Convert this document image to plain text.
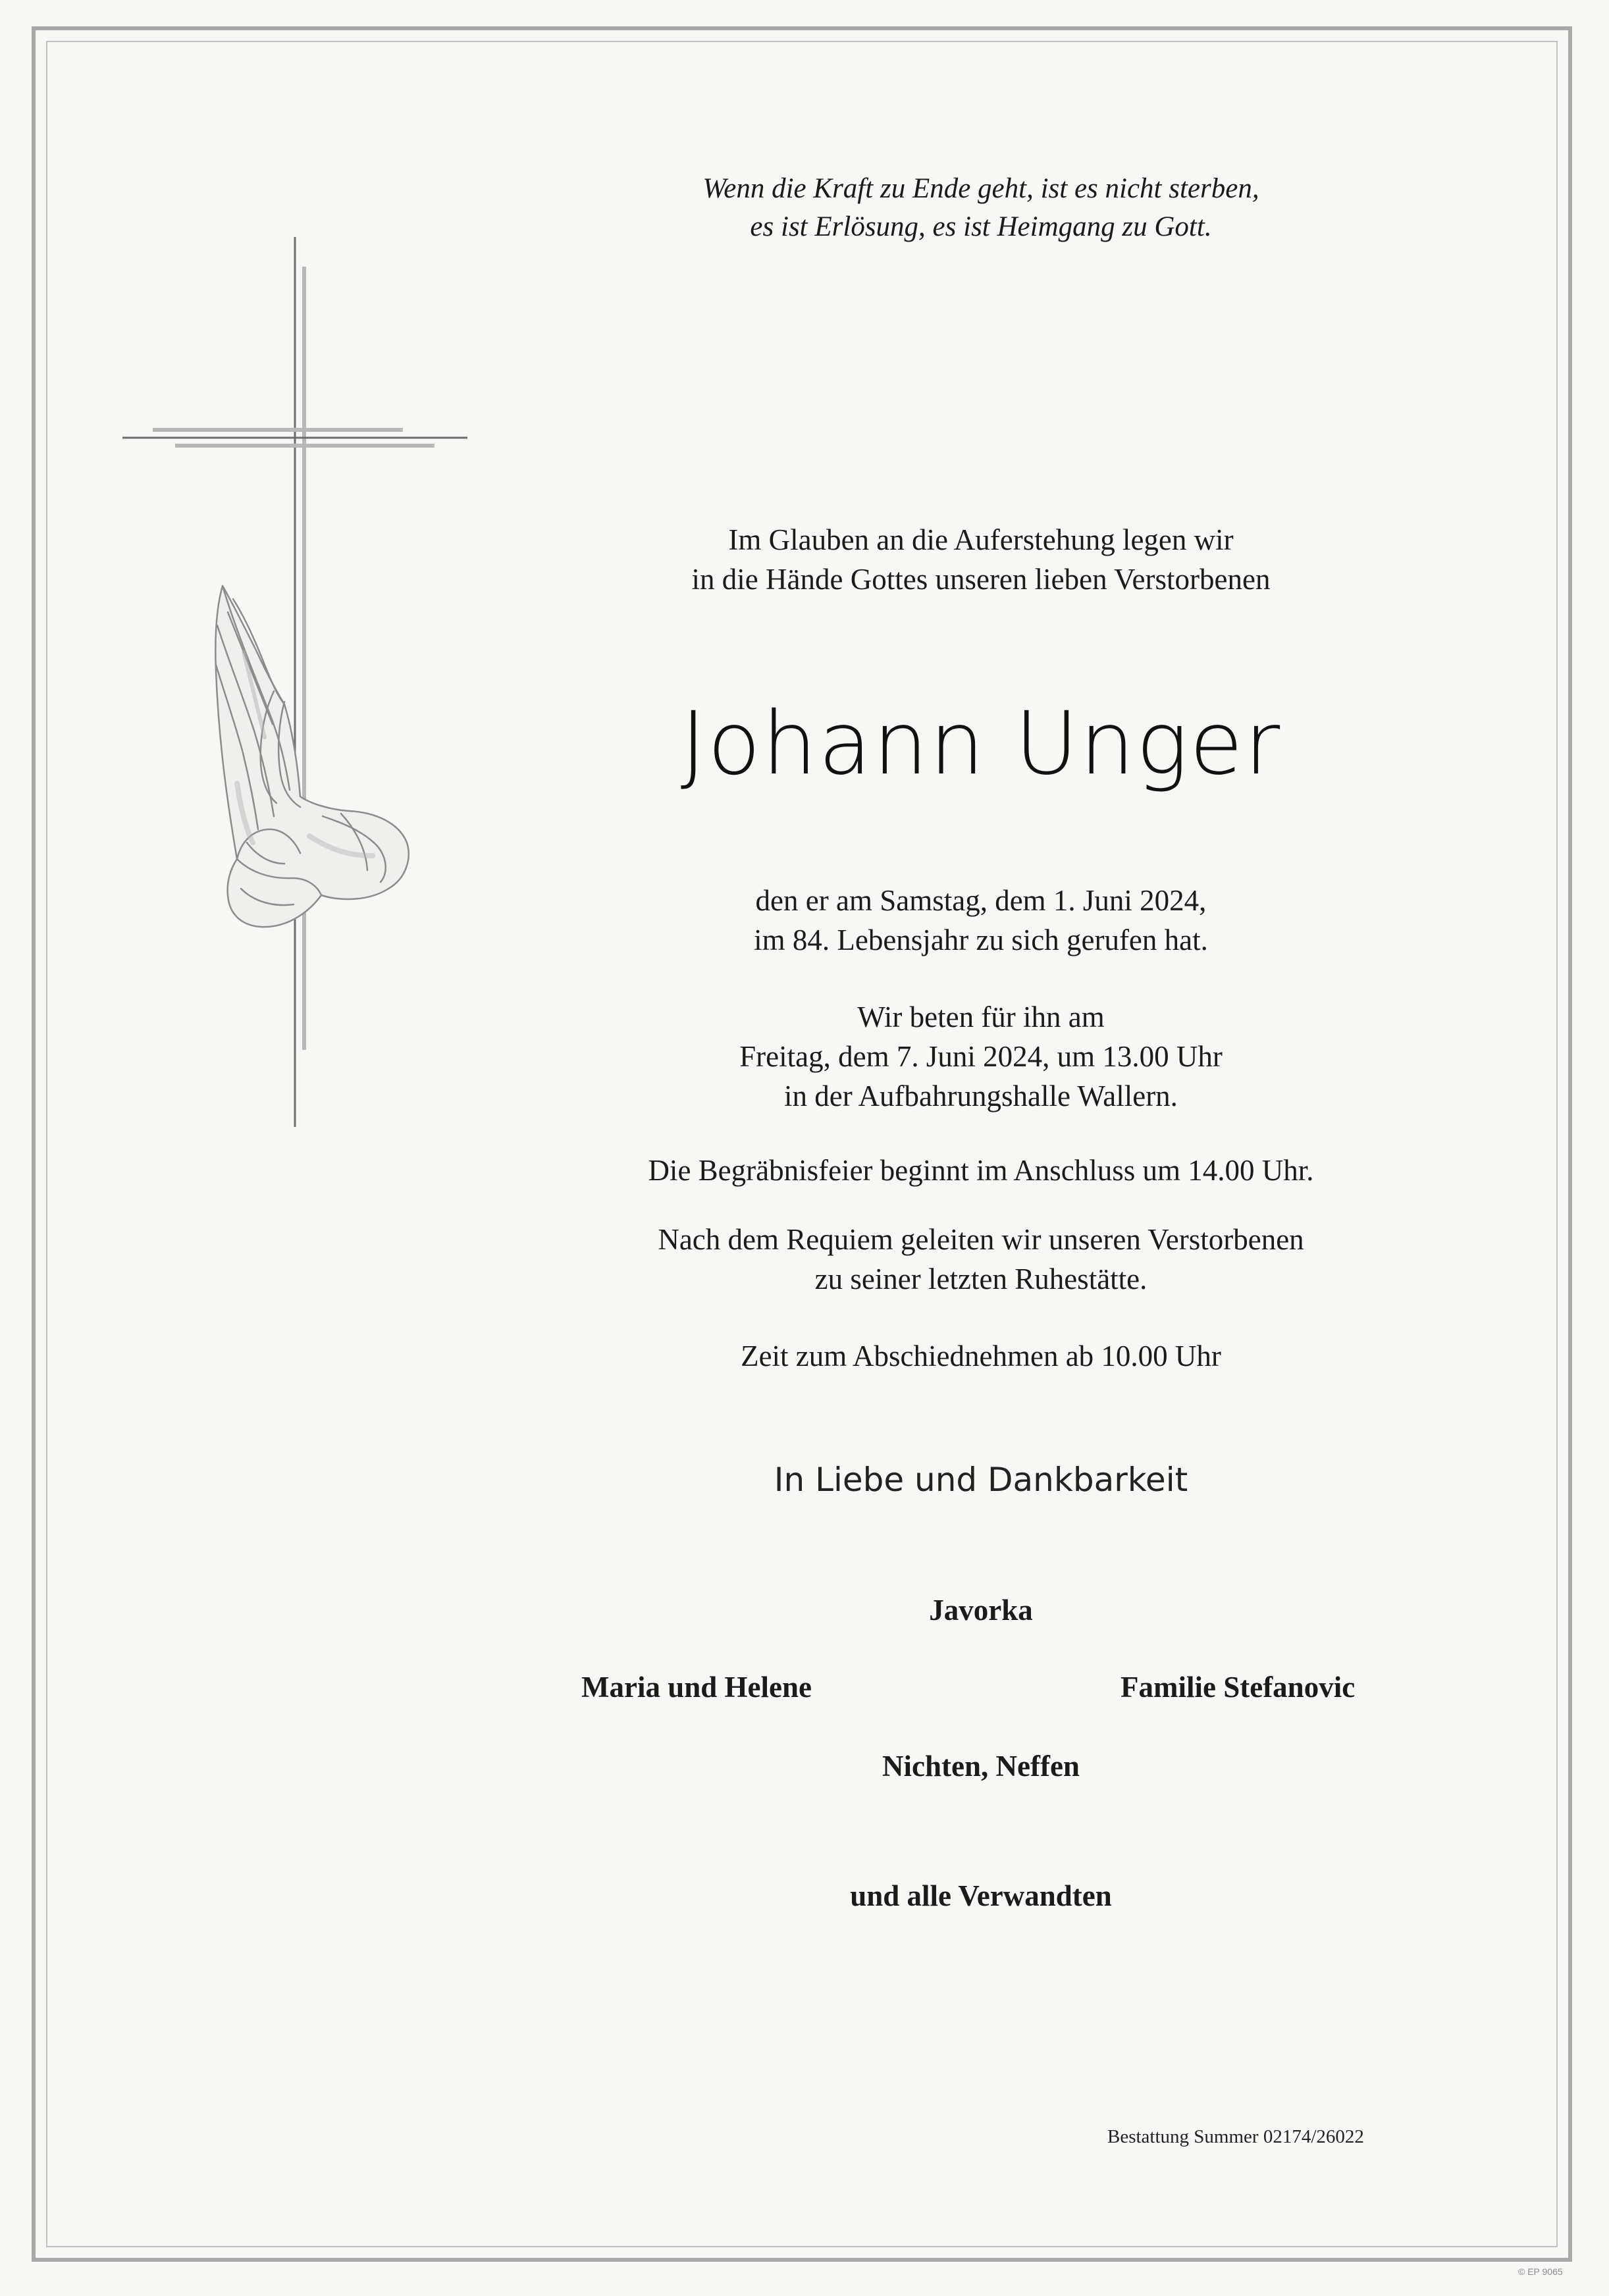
Wenn die Kraft zu Ende geht, ist es nicht sterben,
es ist Erlösung, es ist Heimgang zu Gott.
Im Glauben an die Auferstehung legen wir
in die Hände Gottes unseren lieben Verstorbenen
Johann Unger
den er am Samstag, dem 1. Juni 2024,
im 84. Lebensjahr zu sich gerufen hat.
Wir beten für ihn am
Freitag, dem 7. Juni 2024, um 13.00 Uhr
in der Aufbahrungshalle Wallern.
Die Begräbnisfeier beginnt im Anschluss um 14.00 Uhr.
Nach dem Requiem geleiten wir unseren Verstorbenen
zu seiner letzten Ruhestätte.
Zeit zum Abschiednehmen ab 10.00 Uhr
In Liebe und Dankbarkeit
Javorka
Maria und Helene	Familie Stefanovic
Nichten, Neffen
und alle Verwandten
Bestattung Summer 02174/26022
© EP 9065
